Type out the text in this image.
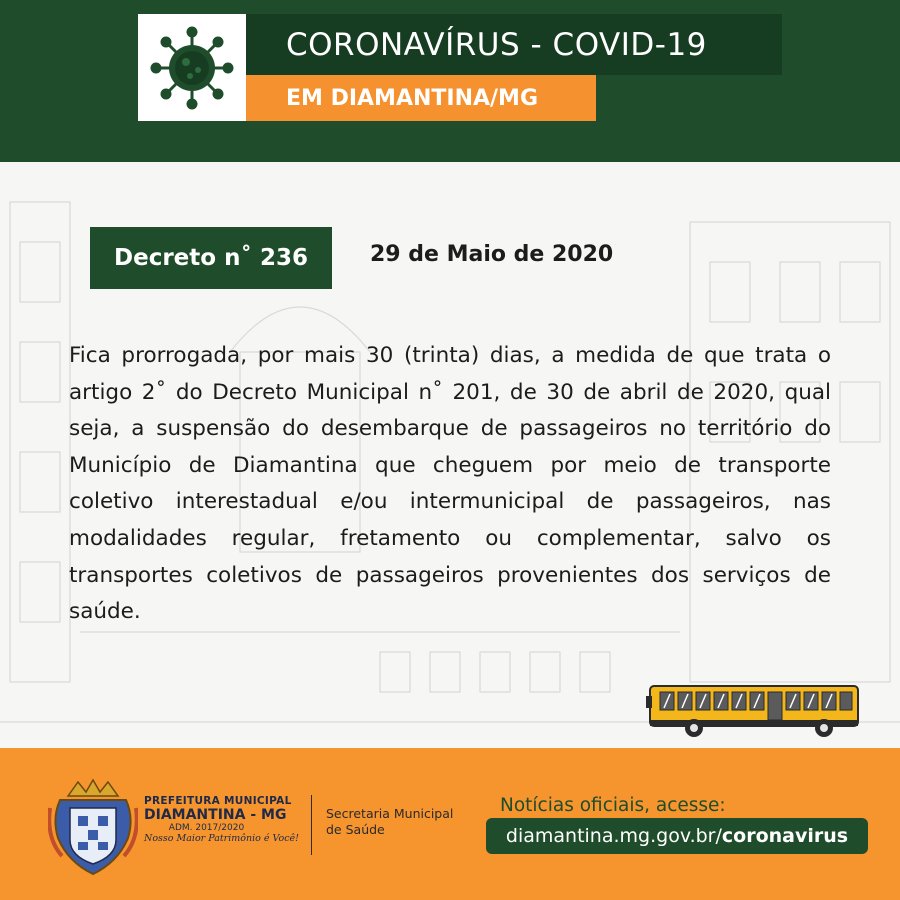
CORONAVÍRUS - COVID-19
EM DIAMANTINA/MG
Decreto n˚ 236	29 de Maio de 2020

Fica prorrogada, por mais 30 (trinta) dias, a medida de que trata o artigo 2˚ do Decreto Municipal n˚ 201, de 30 de abril de 2020, qual seja, a suspensão do desembarque de passageiros no território do Município de Diamantina que cheguem por meio de transporte coletivo interestadual e/ou intermunicipal de passageiros, nas modalidades regular, fretamento ou complementar, salvo os transportes coletivos de passageiros provenientes dos serviços de saúde.

PREFEITURA MUNICIPAL
DIAMANTINA - MG
ADM. 2017/2020
Nosso Maior Patrimônio é Você!
Secretaria Municipal de Saúde
Notícias oficiais, acesse:
diamantina.mg.gov.br/coronavirus
